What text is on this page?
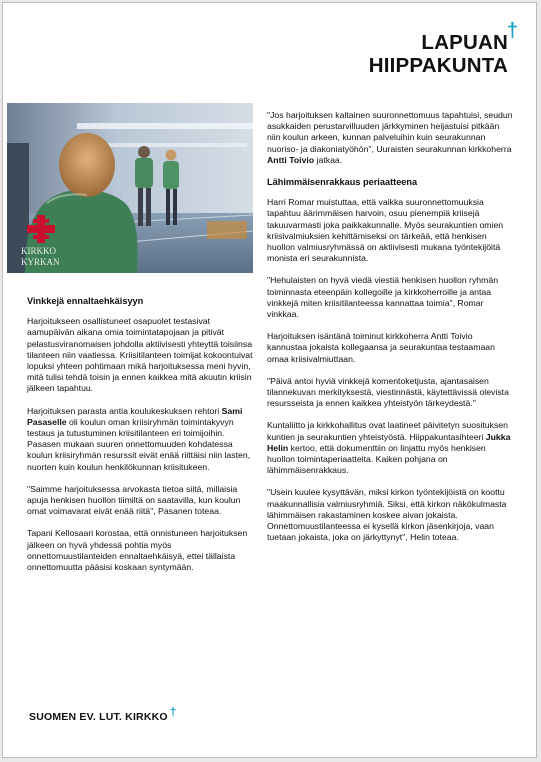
†
LAPUAN
HIIPPAKUNTA
KIRKKO
KYRKAN
Vinkkejä ennaltaehkäisyyn

Harjoitukseen osallistuneet osapuolet testasivat aamupäivän aikana omia toimintatapojaan ja pitivät pelastusviranomaisen johdolla aktiivisesti yhteyttä toisiinsa tilanteen niin vaatiessa. Kriisitilanteen toimijat kokoontuivat lopuksi yhteen pohtimaan mikä harjoituksessa meni hyvin, mitä tulisi tehdä toisin ja ennen kaikkea mitä akuutin kriisin jälkeen tapahtuu.

Harjoituksen parasta antia koulukeskuksen rehtori Sami Pasaselle oli koulun oman kriisiryhmän toimintakyvyn testaus ja tutustuminen kriisitilanteen eri toimijoihin. Pasasen mukaan suuren onnettomuuden kohdatessa koulun kriisiryhmän resurssit eivät enää riittäisi niin lasten, nuorten kuin koulun henkilökunnan kriisitukeen.

"Saimme harjoituksessa arvokasta tietoa siitä, millaisia apuja henkisen huollon tiimiltä on saatavilla, kun koulun omat voimavarat eivät enää riitä", Pasanen toteaa.

Tapani Kellosaari korostaa, että onnistuneen harjoituksen jälkeen on hyvä yhdessä pohtia myös onnettomuustilanteiden ennaltaehkäisyä, ettei tällaista onnettomuutta pääsisi koskaan syntymään.

"Jos harjoituksen kaltainen suuronnettomuus tapahtuisi, seudun asukkaiden perustarvilluuden järkkyminen heijastuisi pitkään niin koulun arkeen, kunnan palveluihin kuin seurakunnan nuoriso- ja diakoniatyöhön", Uuraisten seurakunnan kirkkoherra Antti Toivio jatkaa.

Lähimmäisenrakkaus periaatteena

Harri Romar muistuttaa, että vaikka suuronnettomuuksia tapahtuu äärimmäisen harvoin, osuu pienempiä kriisejä takuuvarmasti joka paikkakunnalle. Myös seurakuntien omien kriisivalmiuksien kehittämiseksi on tärkeää, että henkisen huollon valmiusryhmässä on aktiivisesti mukana työntekijöitä monista eri seurakunnista.

"Hehulaisten on hyvä viedä viestiä henkisen huollon ryhmän toiminnasta eteenpäin kollegoille ja kirkkoherroille ja antaa vinkkejä miten kriisitilanteessa kannattaa toimia", Romar vinkkaa.

Harjoituksen isäntänä toiminut kirkkoherra Antti Toivio kannustaa jokaista kollegaansa ja seurakuntaa testaamaan omaa kriisivalmiuttaan.

"Päivä antoi hyviä vinkkejä komentoketjusta, ajantasaisen tilannekuvan merkityksestä, viestinnästä, käytettävissä olevista resursseista ja ennen kaikkea yhteistyön tärkeydestä."

Kuntaliitto ja kirkkohallitus ovat laatineet päivitetyn suosituksen kuntien ja seurakuntien yhteistyöstä. Hiippakuntasihteeri Jukka Helin kertoo, että dokumenttiin on linjattu myös henkisen huollon toimintaperiaatteita. Kaiken pohjana on lähimmäisenrakkaus.

"Usein kuulee kysyttävän, miksi kirkon työntekijöistä on koottu maakunnallisia valmiusryhmiä. Siksi, että kirkon näkökulmasta lähimmäisen rakastaminen koskee aivan jokaista. Onnettomuustilanteessa ei kysellä kirkon jäsenkirjoja, vaan tuetaan jokaista, joka on järkyttynyt", Helin toteaa.

SUOMEN EV. LUT. KIRKKO †
